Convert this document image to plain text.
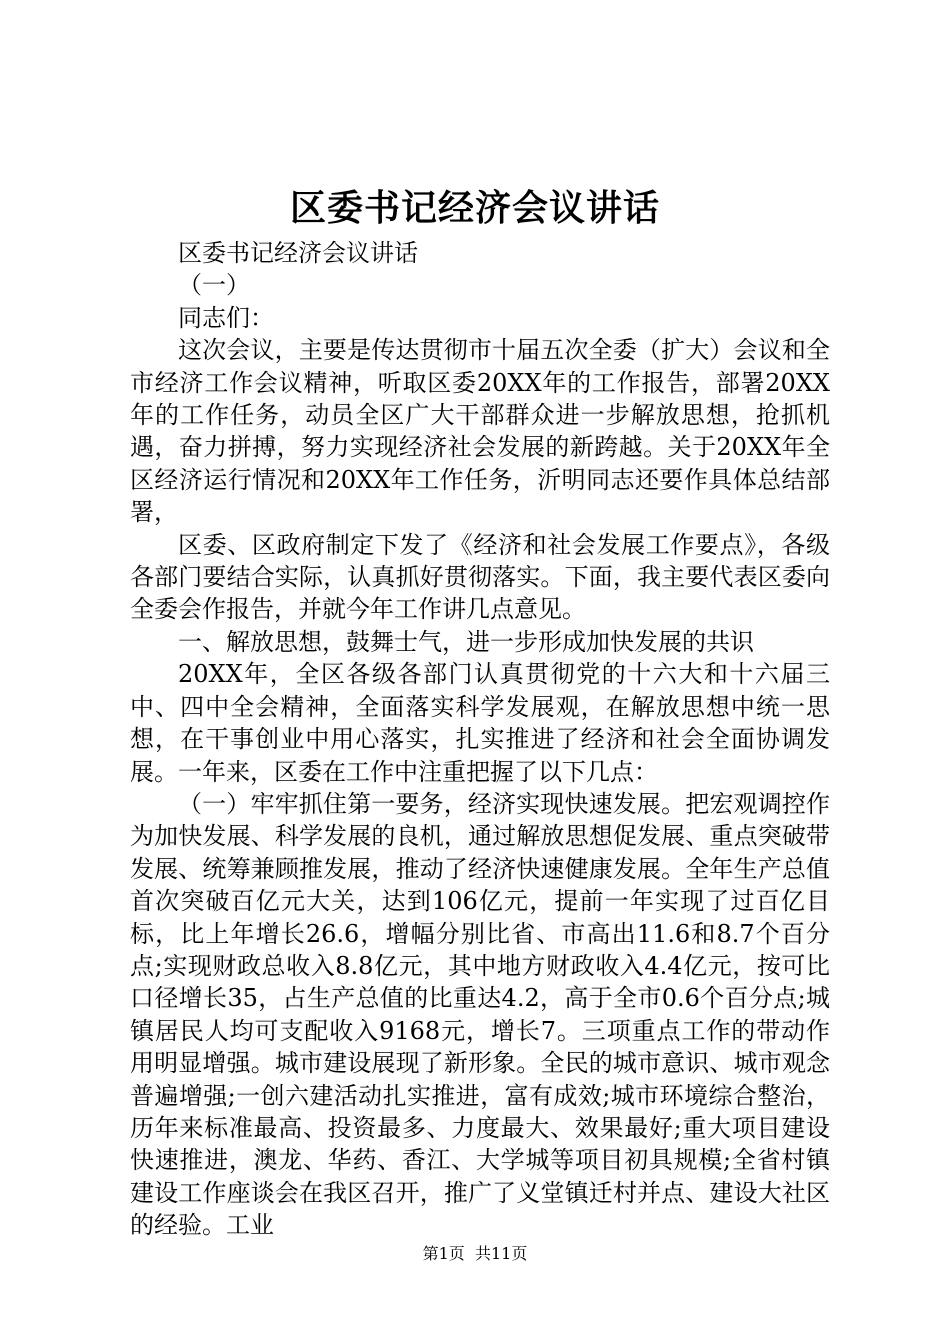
区委书记经济会议讲话

区委书记经济会议讲话

（一）

同志们：

这次会议，主要是传达贯彻市十届五次全委（扩大）会议和全市经济工作会议精神，听取区委20XX年的工作报告，部署20XX年的工作任务，动员全区广大干部群众进一步解放思想，抢抓机遇，奋力拼搏，努力实现经济社会发展的新跨越。关于20XX年全区经济运行情况和20XX年工作任务，沂明同志还要作具体总结部署，

区委、区政府制定下发了《经济和社会发展工作要点》，各级各部门要结合实际，认真抓好贯彻落实。下面，我主要代表区委向全委会作报告，并就今年工作讲几点意见。

一、解放思想，鼓舞士气，进一步形成加快发展的共识

20XX年，全区各级各部门认真贯彻党的十六大和十六届三中、四中全会精神，全面落实科学发展观，在解放思想中统一思想，在干事创业中用心落实，扎实推进了经济和社会全面协调发展。一年来，区委在工作中注重把握了以下几点：

（一）牢牢抓住第一要务，经济实现快速发展。把宏观调控作为加快发展、科学发展的良机，通过解放思想促发展、重点突破带发展、统筹兼顾推发展，推动了经济快速健康发展。全年生产总值首次突破百亿元大关，达到106亿元，提前一年实现了过百亿目标，比上年增长26.6，增幅分别比省、市高出11.6和8.7个百分点;实现财政总收入8.8亿元，其中地方财政收入4.4亿元，按可比口径增长35，占生产总值的比重达4.2，高于全市0.6个百分点;城镇居民人均可支配收入9168元，增长7。三项重点工作的带动作用明显增强。城市建设展现了新形象。全民的城市意识、城市观念普遍增强;一创六建活动扎实推进，富有成效;城市环境综合整治，历年来标准最高、投资最多、力度最大、效果最好;重大项目建设快速推进，澳龙、华药、香江、大学城等项目初具规模;全省村镇建设工作座谈会在我区召开，推广了义堂镇迁村并点、建设大社区的经验。工业

第1页 共11页
